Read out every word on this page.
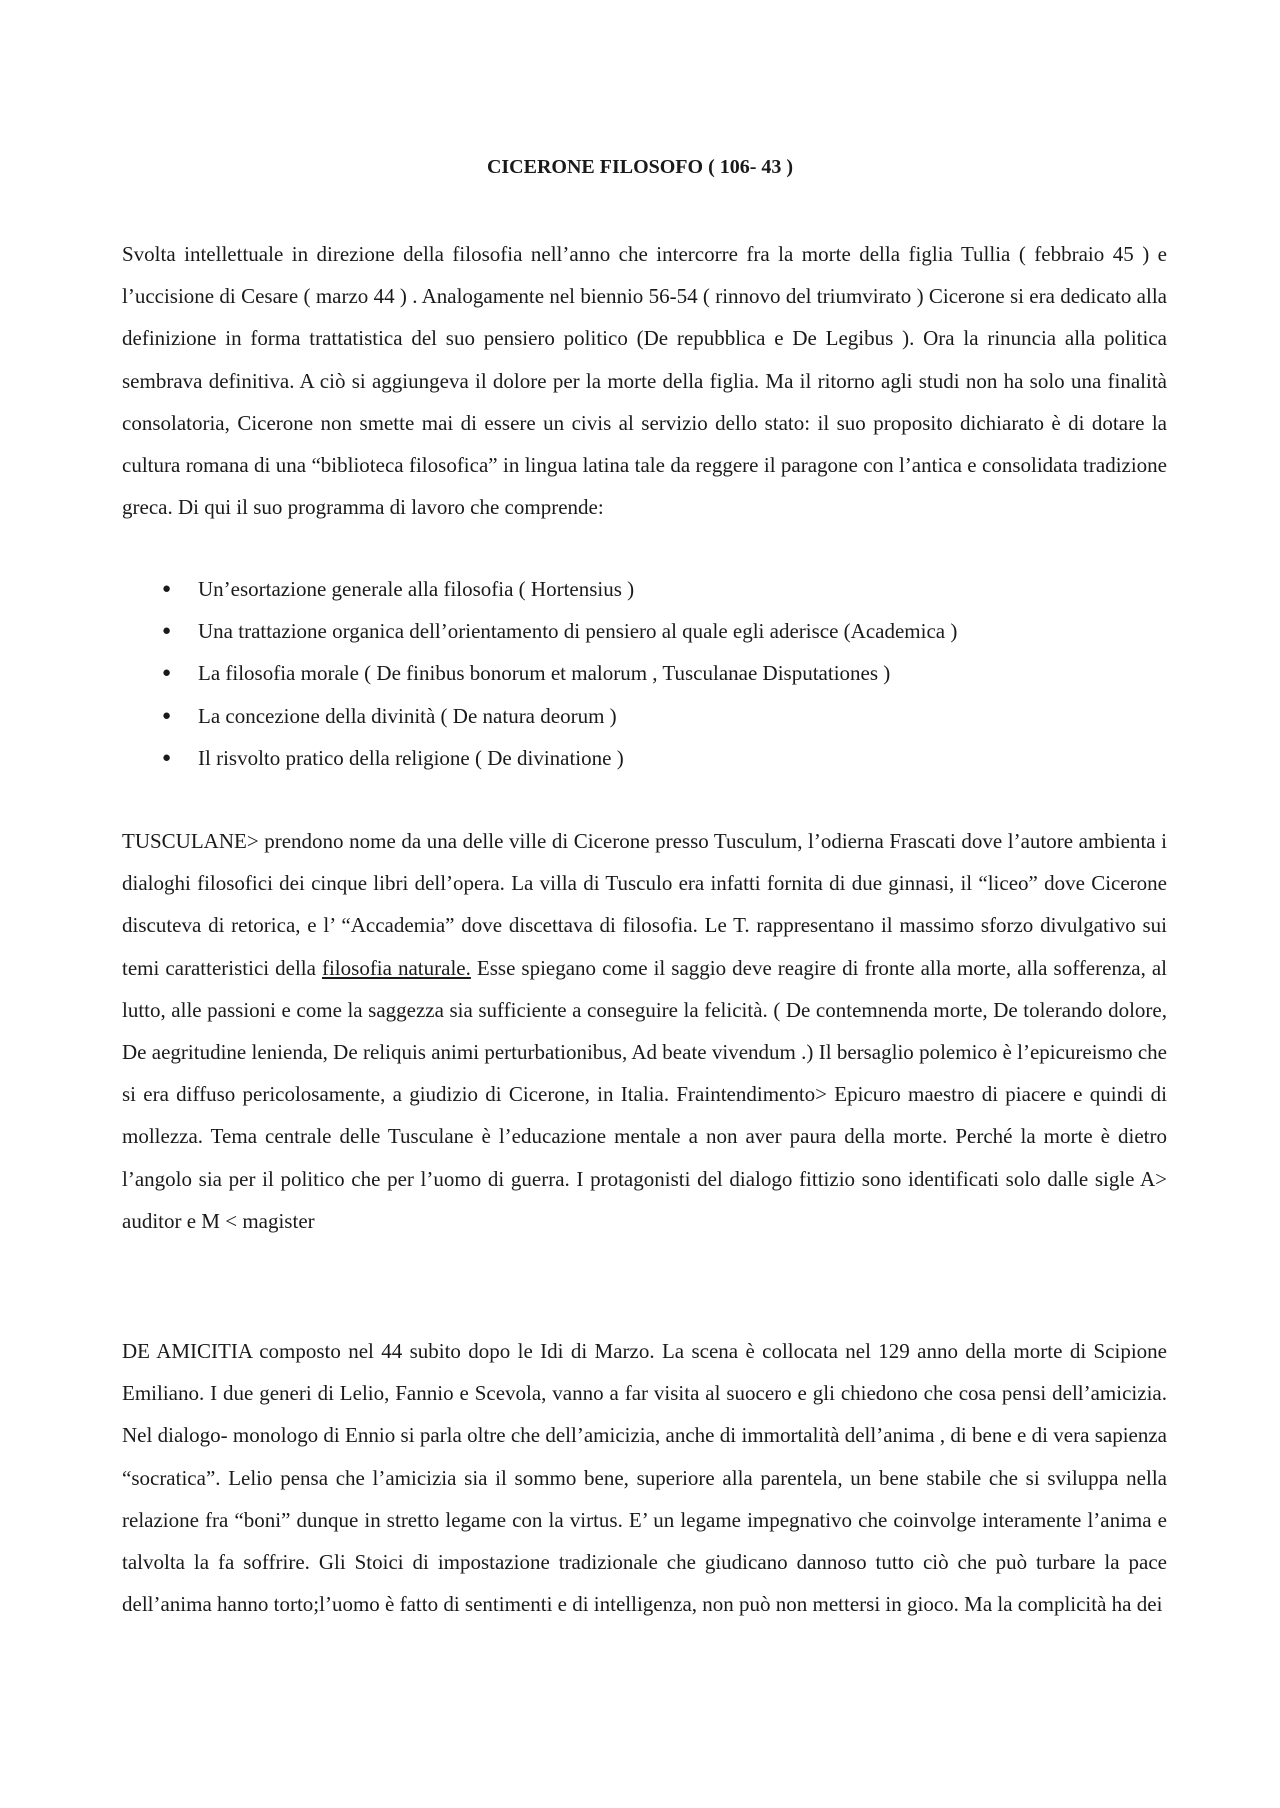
CICERONE FILOSOFO ( 106- 43 )

Svolta intellettuale in direzione della filosofia nell’anno che intercorre fra la morte della figlia Tullia ( febbraio 45 ) e l’uccisione di Cesare ( marzo 44 ) . Analogamente nel biennio 56-54 ( rinnovo del triumvirato ) Cicerone si era dedicato alla definizione in forma trattatistica del suo pensiero politico (De repubblica e De Legibus ). Ora la rinuncia alla politica sembrava definitiva. A ciò si aggiungeva il dolore per la morte della figlia. Ma il ritorno agli studi non ha solo una finalità consolatoria, Cicerone non smette mai di essere un civis al servizio dello stato: il suo proposito dichiarato è di dotare la cultura romana di una “biblioteca filosofica” in lingua latina tale da reggere il paragone con l’antica e consolidata tradizione greca. Di qui il suo programma di lavoro che comprende:

● Un’esortazione generale alla filosofia ( Hortensius )
● Una trattazione organica dell’orientamento di pensiero al quale egli aderisce (Academica )
● La filosofia morale ( De finibus bonorum et malorum , Tusculanae Disputationes )
● La concezione della divinità ( De natura deorum )
● Il risvolto pratico della religione ( De divinatione )

TUSCULANE> prendono nome da una delle ville di Cicerone presso Tusculum, l’odierna Frascati dove l’autore ambienta i dialoghi filosofici dei cinque libri dell’opera. La villa di Tusculo era infatti fornita di due ginnasi, il “liceo” dove Cicerone discuteva di retorica, e l’ “Accademia” dove discettava di filosofia. Le T. rappresentano il massimo sforzo divulgativo sui temi caratteristici della filosofia naturale. Esse spiegano come il saggio deve reagire di fronte alla morte, alla sofferenza, al lutto, alle passioni e come la saggezza sia sufficiente a conseguire la felicità. ( De contemnenda morte, De tolerando dolore, De aegritudine lenienda, De reliquis animi perturbationibus, Ad beate vivendum .) Il bersaglio polemico è l’epicureismo che si era diffuso pericolosamente, a giudizio di Cicerone, in Italia. Fraintendimento> Epicuro maestro di piacere e quindi di mollezza. Tema centrale delle Tusculane è l’educazione mentale a non aver paura della morte. Perché la morte è dietro l’angolo sia per il politico che per l’uomo di guerra. I protagonisti del dialogo fittizio sono identificati solo dalle sigle A> auditor e M < magister

DE AMICITIA composto nel 44 subito dopo le Idi di Marzo. La scena è collocata nel 129 anno della morte di Scipione Emiliano. I due generi di Lelio, Fannio e Scevola, vanno a far visita al suocero e gli chiedono che cosa pensi dell’amicizia. Nel dialogo- monologo di Ennio si parla oltre che dell’amicizia, anche di immortalità dell’anima , di bene e di vera sapienza “socratica”. Lelio pensa che l’amicizia sia il sommo bene, superiore alla parentela, un bene stabile che si sviluppa nella relazione fra “boni” dunque in stretto legame con la virtus. E’ un legame impegnativo che coinvolge interamente l’anima e talvolta la fa soffrire. Gli Stoici di impostazione tradizionale che giudicano dannoso tutto ciò che può turbare la pace dell’anima hanno torto;l’uomo è fatto di sentimenti e di intelligenza, non può non mettersi in gioco. Ma la complicità ha dei
